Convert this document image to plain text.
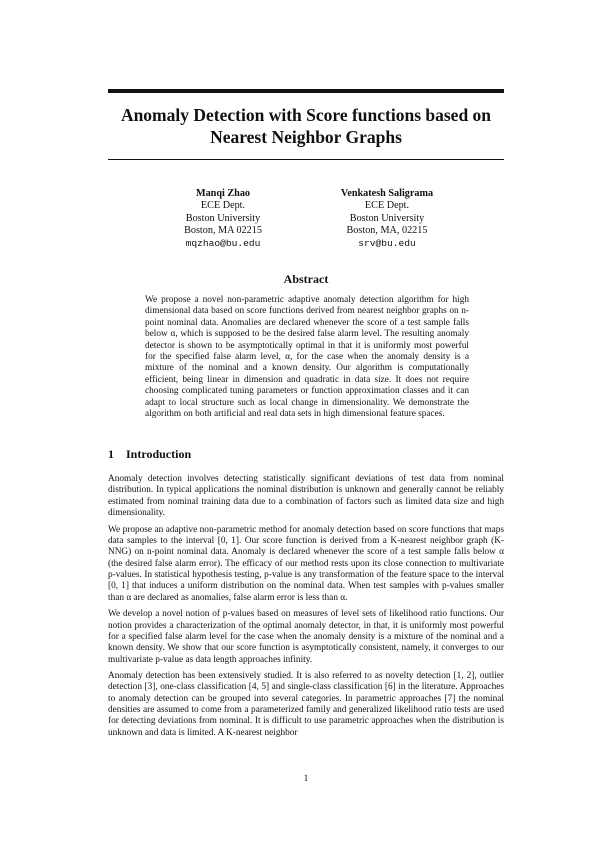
Anomaly Detection with Score functions based on Nearest Neighbor Graphs
Manqi Zhao
ECE Dept.
Boston University
Boston, MA 02215
mqzhao@bu.edu
Venkatesh Saligrama
ECE Dept.
Boston University
Boston, MA, 02215
srv@bu.edu
Abstract
We propose a novel non-parametric adaptive anomaly detection algorithm for high dimensional data based on score functions derived from nearest neighbor graphs on n-point nominal data. Anomalies are declared whenever the score of a test sample falls below α, which is supposed to be the desired false alarm level. The resulting anomaly detector is shown to be asymptotically optimal in that it is uniformly most powerful for the specified false alarm level, α, for the case when the anomaly density is a mixture of the nominal and a known density. Our algorithm is computationally efficient, being linear in dimension and quadratic in data size. It does not require choosing complicated tuning parameters or function approximation classes and it can adapt to local structure such as local change in dimensionality. We demonstrate the algorithm on both artificial and real data sets in high dimensional feature spaces.
1 Introduction

Anomaly detection involves detecting statistically significant deviations of test data from nominal distribution. In typical applications the nominal distribution is unknown and generally cannot be reliably estimated from nominal training data due to a combination of factors such as limited data size and high dimensionality.

We propose an adaptive non-parametric method for anomaly detection based on score functions that maps data samples to the interval [0, 1]. Our score function is derived from a K-nearest neighbor graph (K-NNG) on n-point nominal data. Anomaly is declared whenever the score of a test sample falls below α (the desired false alarm error). The efficacy of our method rests upon its close connection to multivariate p-values. In statistical hypothesis testing, p-value is any transformation of the feature space to the interval [0, 1] that induces a uniform distribution on the nominal data. When test samples with p-values smaller than α are declared as anomalies, false alarm error is less than α.

We develop a novel notion of p-values based on measures of level sets of likelihood ratio functions. Our notion provides a characterization of the optimal anomaly detector, in that, it is uniformly most powerful for a specified false alarm level for the case when the anomaly density is a mixture of the nominal and a known density. We show that our score function is asymptotically consistent, namely, it converges to our multivariate p-value as data length approaches infinity.

Anomaly detection has been extensively studied. It is also referred to as novelty detection [1, 2], outlier detection [3], one-class classification [4, 5] and single-class classification [6] in the literature. Approaches to anomaly detection can be grouped into several categories. In parametric approaches [7] the nominal densities are assumed to come from a parameterized family and generalized likelihood ratio tests are used for detecting deviations from nominal. It is difficult to use parametric approaches when the distribution is unknown and data is limited. A K-nearest neighbor

1
